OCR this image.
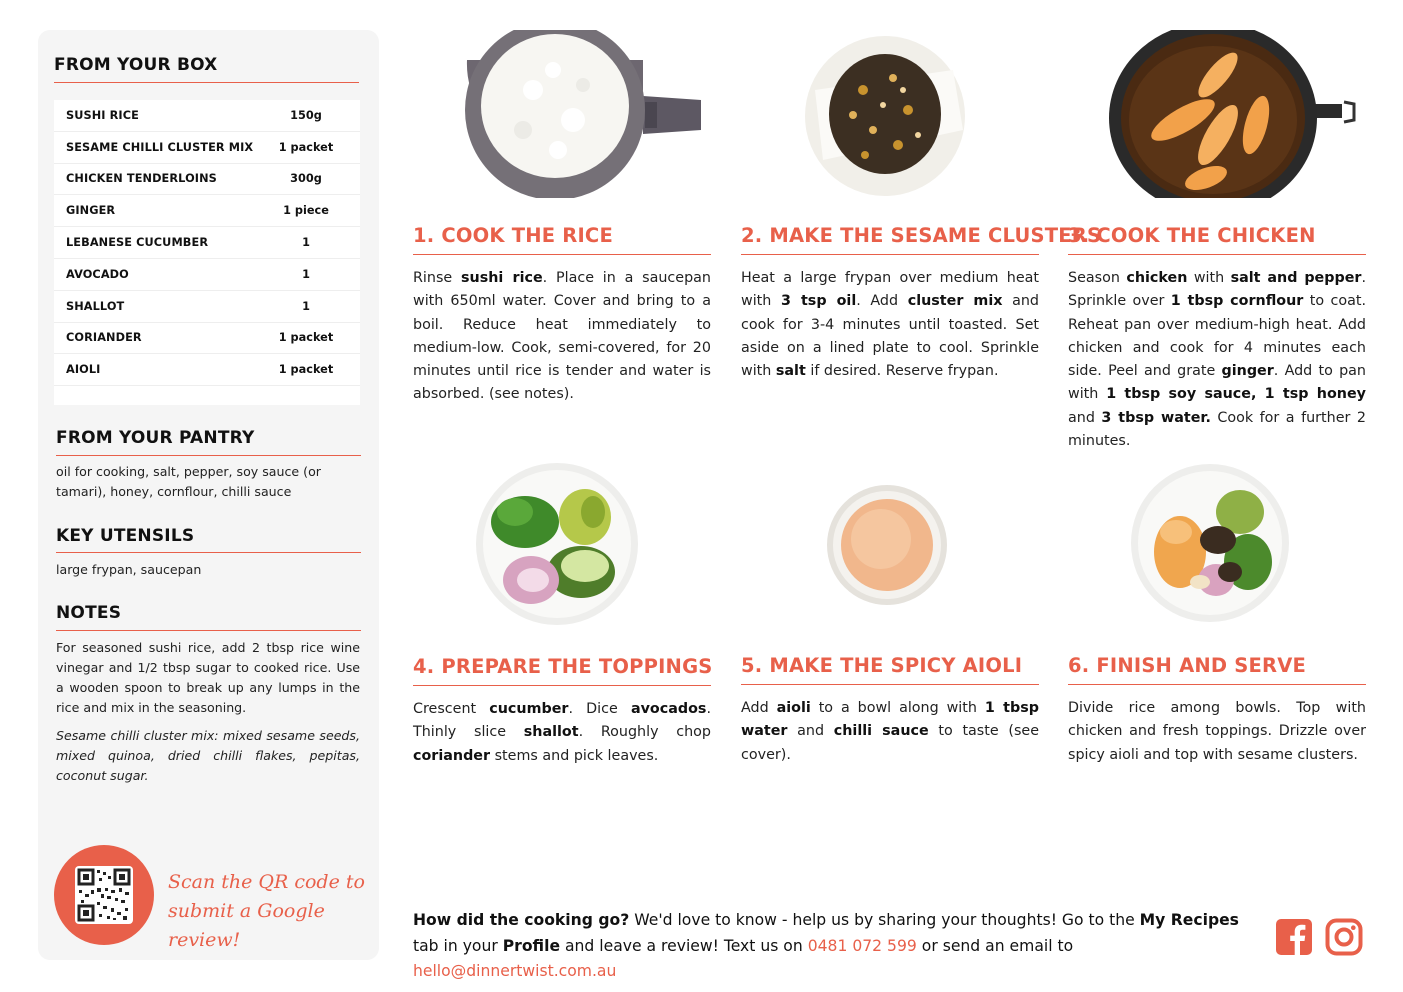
FROM YOUR BOX
SUSHI RICE	150g
SESAME CHILLI CLUSTER MIX	1 packet
CHICKEN TENDERLOINS	300g
GINGER	1 piece
LEBANESE CUCUMBER	1
AVOCADO	1
SHALLOT	1
CORIANDER	1 packet
AIOLI	1 packet
FROM YOUR PANTRY
oil for cooking, salt, pepper, soy sauce (or tamari), honey, cornflour, chilli sauce
KEY UTENSILS
large frypan, saucepan
NOTES
For seasoned sushi rice, add 2 tbsp rice wine vinegar and 1/2 tbsp sugar to cooked rice. Use a wooden spoon to break up any lumps in the rice and mix in the seasoning.
Sesame chilli cluster mix: mixed sesame seeds, mixed quinoa, dried chilli flakes, pepitas, coconut sugar.
Scan the QR code to
submit a Google review!
1. COOK THE RICE
Rinse sushi rice. Place in a saucepan with 650ml water. Cover and bring to a boil. Reduce heat immediately to medium-low. Cook, semi-covered, for 20 minutes until rice is tender and water is absorbed. (see notes).
2. MAKE THE SESAME CLUSTERS
Heat a large frypan over medium heat with 3 tsp oil. Add cluster mix and cook for 3-4 minutes until toasted. Set aside on a lined plate to cool. Sprinkle with salt if desired. Reserve frypan.
3. COOK THE CHICKEN
Season chicken with salt and pepper. Sprinkle over 1 tbsp cornflour to coat. Reheat pan over medium-high heat. Add chicken and cook for 4 minutes each side. Peel and grate ginger. Add to pan with 1 tbsp soy sauce, 1 tsp honey and 3 tbsp water. Cook for a further 2 minutes.
4. PREPARE THE TOPPINGS
Crescent cucumber. Dice avocados. Thinly slice shallot. Roughly chop coriander stems and pick leaves.
5. MAKE THE SPICY AIOLI
Add aioli to a bowl along with 1 tbsp water and chilli sauce to taste (see cover).
6. FINISH AND SERVE
Divide rice among bowls. Top with chicken and fresh toppings. Drizzle over spicy aioli and top with sesame clusters.
How did the cooking go? We'd love to know - help us by sharing your thoughts! Go to the My Recipes tab in your Profile and leave a review! Text us on 0481 072 599 or send an email to hello@dinnertwist.com.au
